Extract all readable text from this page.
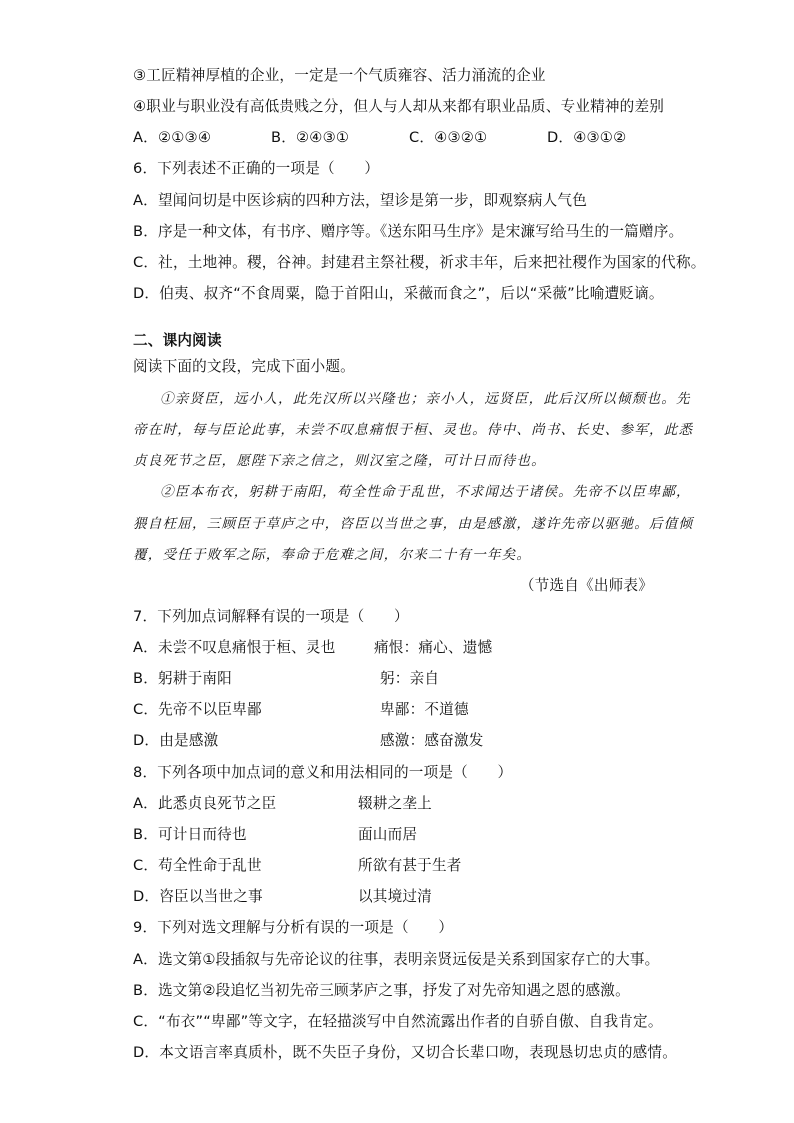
③工匠精神厚植的企业，一定是一个气质雍容、活力涌流的企业
④职业与职业没有高低贵贱之分，但人与人却从来都有职业品质、专业精神的差别
A．②①③④	B．②④③①	C．④③②①	D．④③①②
6．下列表述不正确的一项是（　　）
A．望闻问切是中医诊病的四种方法，望诊是第一步，即观察病人气色
B．序是一种文体，有书序、赠序等。《送东阳马生序》是宋濂写给马生的一篇赠序。
C．社，土地神。稷，谷神。封建君主祭社稷，祈求丰年，后来把社稷作为国家的代称。
D．伯夷、叔齐“不食周粟，隐于首阳山，采薇而食之”，后以“采薇”比喻遭贬谪。
二、课内阅读
阅读下面的文段，完成下面小题。
①亲贤臣，远小人，此先汉所以兴隆也；亲小人，远贤臣，此后汉所以倾颓也。先
帝在时，每与臣论此事，未尝不叹息痛恨于桓、灵也。侍中、尚书、长史、参军，此悉
贞良死节之臣，愿陛下亲之信之，则汉室之隆，可计日而待也。
②臣本布衣，躬耕于南阳，苟全性命于乱世，不求闻达于诸侯。先帝不以臣卑鄙，
猥自枉屈，三顾臣于草庐之中，咨臣以当世之事，由是感激，遂许先帝以驱驰。后值倾
覆，受任于败军之际，奉命于危难之间，尔来二十有一年矣。
（节选自《出师表》
7．下列加点词解释有误的一项是（　　）
A．未尝不叹息痛恨于桓、灵也	痛恨：痛心、遗憾
B．躬耕于南阳	躬：亲自
C．先帝不以臣卑鄙	卑鄙：不道德
D．由是感激	感激：感奋激发
8．下列各项中加点词的意义和用法相同的一项是（　　）
A．此悉贞良死节之臣	辍耕之垄上
B．可计日而待也	面山而居
C．苟全性命于乱世	所欲有甚于生者
D．咨臣以当世之事	以其境过清
9．下列对选文理解与分析有误的一项是（　　）
A．选文第①段插叙与先帝论议的往事，表明亲贤远佞是关系到国家存亡的大事。
B．选文第②段追忆当初先帝三顾茅庐之事，抒发了对先帝知遇之恩的感激。
C．“布衣”“卑鄙”等文字，在轻描淡写中自然流露出作者的自骄自傲、自我肯定。
D．本文语言率真质朴，既不失臣子身份，又切合长辈口吻，表现恳切忠贞的感情。
